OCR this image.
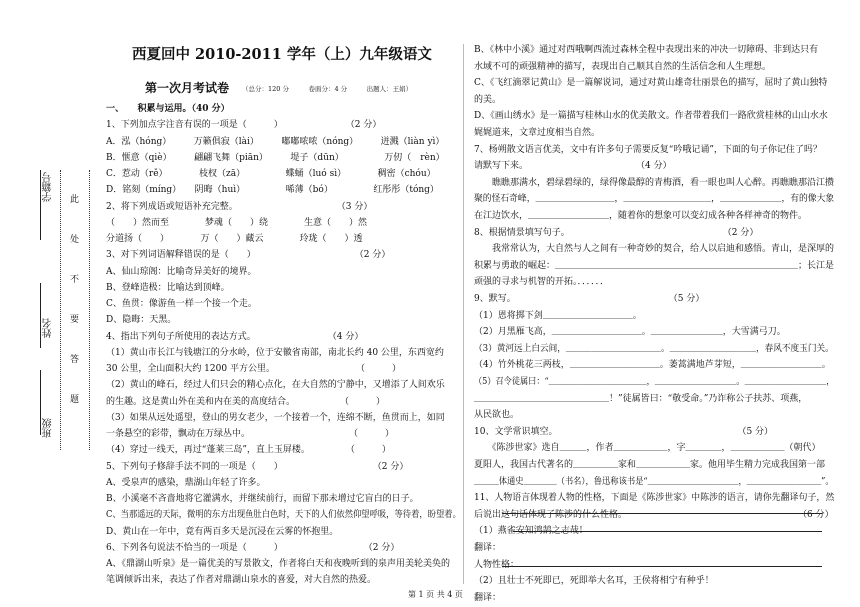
西夏回中 2010-2011 学年（上）九年级语文
第一次月考试卷 （总分：120 分　　　卷面分：4 分　　　出题人：王娟）
学籍号
姓名
班级
此
处
不
要
答
题
一、　　积累与运用。（40 分）
1、下列加点字注音有误的一项是（　　　）　　　　　　　　（2 分）
A．泓（hóng）　　　万籁俱寂（lài）　　　嘟嘟哝哝（nóng）　　　迸溅（liàn yì）
B．惬意（qiè）　　　翩翩飞舞（piān）　　　堤子（dūn）　　　　　万仞（　rèn）
C．惹动（rě）　　　　枝杈（zā）　　　　　蝶蛹（luó sì）　　　　稠密（chóu）
D．铭刻（míng）　　阴晦（huì）　　　　　唏薄（bó）　　　　　红彤彤（tóng）
2、将下列成语或短语补充完整。　　　　　　　　　　　　（3 分）
（　　）然而至　　　　梦魂（　　）绕　　　　生意（　　）然
分道扬（　　）　　　　万（　　）藏云　　　　玲珑（　　）透
3、对下列词语解释错误的是（　　）　　　　　　　　　　　　（2 分）
A、仙山琼阁：比喻奇异美好的境界。
B、登峰造极：比喻达到顶峰。
C、鱼贯：像游鱼一样一个接一个走。
D、隐晦：天黑。
4、指出下列句子所使用的表达方式。　　　　　　　　　（4 分）
（1）黄山市长江与钱塘江的分水岭，位于安徽省南部，南北长约 40 公里，东西宽约
30 公里，全山面积大约 1200 平方公里。　　　　　　　　　　（　　　）
（2）黄山的峰石，经过人们只会的精心点化，在大自然的宁静中，又增添了人间欢乐
的生趣。这是黄山外在美和内在美的高度结合。　　　　　　（　　　）
（3）如果从远处遥望，登山的男女老少，一个接着一个，连绵不断，鱼贯而上，如同
一条悬空的彩带，飘动在万绿丛中。　　　　　　　　　　　　（　　　）
（4）穿过一线天，再过“蓬莱三岛”，直上玉屏楼。　　　　　（　　　）
5、下列句子修辞手法不同的一项是（　　）　　　　　　　　　　　（2 分）
A、受泉声的感染，鼎湖山年轻了许多。
B、小溪毫不吝啬地将它灌满水，并继续前行，而留下那未增过它盲白的日子。
C、当那遥远的天际，微明的东方出现鱼肚白色时，天下的人们依然仰望呼吸，等待着，盼望着。
D、黄山在一年中，竟有两百多天是沉浸在云雾的怀抱里。
6、下列各句说法不恰当的一项是（　　　）　　　　　　　　　　（2 分）
A、《鼎湖山听泉》是一篇优美的写景散文，作者将白天和夜晚听到的泉声用美轮美奂的
笔调倾诉出来，表达了作者对鼎湖山泉水的喜爱，对大自然的热爱。
B、《林中小溪》通过对西哦啊西流过森林全程中表现出来的冲决一切障碍、非到达只有
水域不可的顽强精神的描写，表现出自己顺其自然的生活信念和人生理想。
C、《飞红滴翠记黄山》是一篇解说词，通过对黄山雄奇壮丽景色的描写，屈时了黄山独特
的美。
D、《画山绣水》是一篇描写桂林山水的优美散文。作者带着我们一路欣赏桂林的山山水水
娓娓道来，文章过度相当自然。
7、杨朔散文语言优美，文中有许多句子需要反复“吟哦记诵”，下面的句子你记住了吗？
请默写下来。　　　　　　　　　　　　　（4 分）
　　瞧瞧那满水，碧绿碧绿的，绿得像最醇的青梅酒，看一眼也叫人心醉。再瞧瞧那沿江攒
聚的怪石奇峰，＿＿＿＿＿＿＿＿＿，＿＿＿＿＿＿＿＿＿＿，＿＿＿＿＿＿＿，有的像大象
在江边饮水，＿＿＿＿＿＿＿＿＿，随着你的想象可以变幻成各种各样神奇的物件。
8、根据情景填写句子。　　　　　　　　　　　　　　　　　　（2 分）
　　我常常认为，大自然与人之间有一种奇妙的契合，给人以启迪和感悟。青山，是深厚的
积累与勇敢的崛起：＿＿＿＿＿＿＿＿＿＿＿＿＿＿＿＿＿＿＿＿＿＿＿＿＿＿＿；长江是
顽强的寻求与机智的开拓。．．．．．．
9、默写。　　　　　　　　　　　　　　　　　　（5 分）
（1）恩将掷下剑＿＿＿＿＿＿＿＿＿＿。
（2）月黑雁飞高，＿＿＿＿＿＿＿＿＿＿。＿＿＿＿＿＿＿＿，大雪满弓刀。
（3）黄河远上白云间，＿＿＿＿＿＿＿＿＿＿＿。＿＿＿＿＿＿＿＿＿＿，春风不度玉门关。
（4）竹外桃花三两枝，＿＿＿＿＿＿＿＿＿＿。萎蒿满地芦芽短，＿＿＿＿＿＿＿＿＿。
（5）召令徒属曰：“＿＿＿＿＿＿＿＿＿＿＿＿，＿＿＿＿＿＿＿＿＿＿。＿＿＿＿＿＿＿＿＿＿，
＿＿＿＿＿＿＿＿＿＿＿＿＿＿＿！”徒属皆曰：“敬受命。”乃诈称公子扶苏、项燕，
从民欲也。
10、文学常识填空。　　　　　　　　　　　　　　　　　　　　　（5 分）
　　《陈涉世家》选自＿＿＿，作者＿＿＿＿＿＿，字＿＿＿＿，＿＿＿＿＿＿（朝代）
夏阳人，我国古代著名的＿＿＿＿＿家和＿＿＿＿＿＿家。他用毕生精力完成我国第一部
＿＿＿体通史＿＿＿＿（书名），鲁迅称该书是“＿＿＿＿＿＿＿＿＿＿＿，＿＿＿＿＿＿＿＿＿”。
11、人物语言体现着人物的性格，下面是《陈涉世家》中陈涉的语言，请你先翻译句子，然
后说出这句话体现了陈涉的什么性格。　　　　　　　　　　　　　　　　　　　　（6 分）
（1）燕雀安知鸿鹄之志哉！
翻译：
人物性格：
（2）且壮士不死即已，死即举大名耳，王侯将相宁有种乎！
翻译：
第 1 页 共 4 页
